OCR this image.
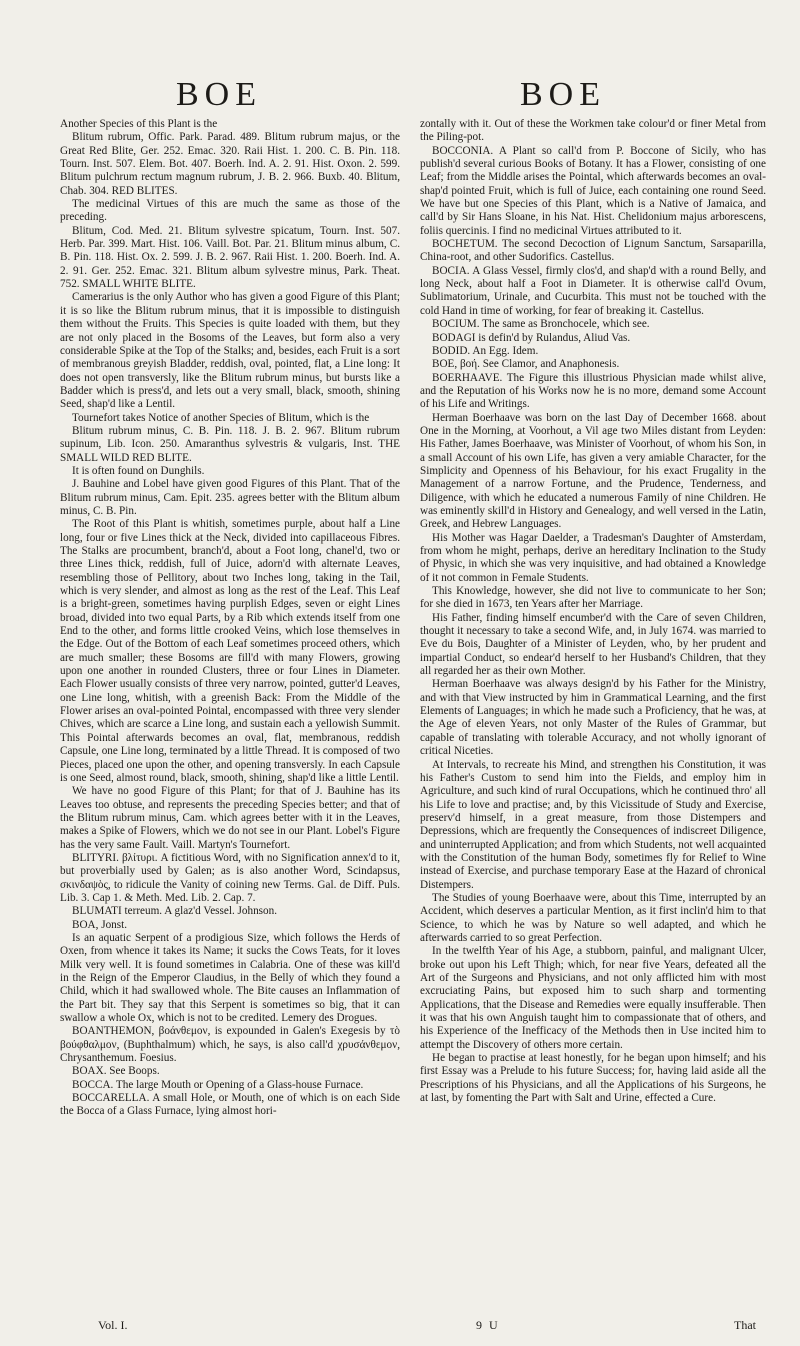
BOE	BOE

Another Species of this Plant is the

Blitum rubrum, Offic. Park. Parad. 489. Blitum rubrum majus, or the Great Red Blite, Ger. 252. Emac. 320. Raii Hist. 1. 200. C. B. Pin. 118. Tourn. Inst. 507. Elem. Bot. 407. Boerh. Ind. A. 2. 91. Hist. Oxon. 2. 599. Blitum pulchrum rectum magnum rubrum, J. B. 2. 966. Buxb. 40. Blitum, Chab. 304. RED BLITES.

The medicinal Virtues of this are much the same as those of the preceding.

Blitum, Cod. Med. 21. Blitum sylvestre spicatum, Tourn. Inst. 507. Herb. Par. 399. Mart. Hist. 106. Vaill. Bot. Par. 21. Blitum minus album, C. B. Pin. 118. Hist. Ox. 2. 599. J. B. 2. 967. Raii Hist. 1. 200. Boerh. Ind. A. 2. 91. Ger. 252. Emac. 321. Blitum album sylvestre minus, Park. Theat. 752. SMALL WHITE BLITE.

Camerarius is the only Author who has given a good Figure of this Plant; it is so like the Blitum rubrum minus, that it is impossible to distinguish them without the Fruits. This Species is quite loaded with them, but they are not only placed in the Bosoms of the Leaves, but form also a very considerable Spike at the Top of the Stalks; and, besides, each Fruit is a sort of membranous greyish Bladder, reddish, oval, pointed, flat, a Line long: It does not open transversly, like the Blitum rubrum minus, but bursts like a Badder which is press'd, and lets out a very small, black, smooth, shining Seed, shap'd like a Lentil.

Tournefort takes Notice of another Species of Blitum, which is the

Blitum rubrum minus, C. B. Pin. 118. J. B. 2. 967. Blitum rubrum supinum, Lib. Icon. 250. Amaranthus sylvestris & vulgaris, Inst. THE SMALL WILD RED BLITE.

It is often found on Dunghils.

J. Bauhine and Lobel have given good Figures of this Plant. That of the Blitum rubrum minus, Cam. Epit. 235. agrees better with the Blitum album minus, C. B. Pin.

The Root of this Plant is whitish, sometimes purple, about half a Line long, four or five Lines thick at the Neck, divided into capillaceous Fibres. The Stalks are procumbent, branch'd, about a Foot long, chanel'd, two or three Lines thick, reddish, full of Juice, adorn'd with alternate Leaves, resembling those of Pellitory, about two Inches long, taking in the Tail, which is very slender, and almost as long as the rest of the Leaf. This Leaf is a bright-green, sometimes having purplish Edges, seven or eight Lines broad, divided into two equal Parts, by a Rib which extends itself from one End to the other, and forms little crooked Veins, which lose themselves in the Edge. Out of the Bottom of each Leaf sometimes proceed others, which are much smaller; these Bosoms are fill'd with many Flowers, growing upon one another in rounded Clusters, three or four Lines in Diameter. Each Flower usually consists of three very narrow, pointed, gutter'd Leaves, one Line long, whitish, with a greenish Back: From the Middle of the Flower arises an oval-pointed Pointal, encompassed with three very slender Chives, which are scarce a Line long, and sustain each a yellowish Summit. This Pointal afterwards becomes an oval, flat, membranous, reddish Capsule, one Line long, terminated by a little Thread. It is composed of two Pieces, placed one upon the other, and opening transversly. In each Capsule is one Seed, almost round, black, smooth, shining, shap'd like a little Lentil.

We have no good Figure of this Plant; for that of J. Bauhine has its Leaves too obtuse, and represents the preceding Species better; and that of the Blitum rubrum minus, Cam. which agrees better with it in the Leaves, makes a Spike of Flowers, which we do not see in our Plant. Lobel's Figure has the very same Fault. Vaill. Martyn's Tournefort.

BLITYRI. βλίτυρι. A fictitious Word, with no Signification annex'd to it, but proverbially used by Galen; as is also another Word, Scindapsus, σκινδαψὸς, to ridicule the Vanity of coining new Terms. Gal. de Diff. Puls. Lib. 3. Cap 1. & Meth. Med. Lib. 2. Cap. 7.

BLUMATI terreum. A glaz'd Vessel. Johnson.

BOA, Jonst.

Is an aquatic Serpent of a prodigious Size, which follows the Herds of Oxen, from whence it takes its Name; it sucks the Cows Teats, for it loves Milk very well. It is found sometimes in Calabria. One of these was kill'd in the Reign of the Emperor Claudius, in the Belly of which they found a Child, which it had swallowed whole. The Bite causes an Inflammation of the Part bit. They say that this Serpent is sometimes so big, that it can swallow a whole Ox, which is not to be credited. Lemery des Drogues.

BOANTHEMON, βοάνθεμον, is expounded in Galen's Exegesis by τὸ βούφθαλμον, (Buphthalmum) which, he says, is also call'd χρυσάνθεμον, Chrysanthemum. Foesius.

BOAX. See Boops.

BOCCA. The large Mouth or Opening of a Glass-house Furnace.

BOCCARELLA. A small Hole, or Mouth, one of which is on each Side the Bocca of a Glass Furnace, lying almost hori-

zontally with it. Out of these the Workmen take colour'd or finer Metal from the Piling-pot.

BOCCONIA. A Plant so call'd from P. Boccone of Sicily, who has publish'd several curious Books of Botany. It has a Flower, consisting of one Leaf; from the Middle arises the Pointal, which afterwards becomes an oval-shap'd pointed Fruit, which is full of Juice, each containing one round Seed. We have but one Species of this Plant, which is a Native of Jamaica, and call'd by Sir Hans Sloane, in his Nat. Hist. Chelidonium majus arborescens, foliis quercinis. I find no medicinal Virtues attributed to it.

BOCHETUM. The second Decoction of Lignum Sanctum, Sarsaparilla, China-root, and other Sudorifics. Castellus.

BOCIA. A Glass Vessel, firmly clos'd, and shap'd with a round Belly, and long Neck, about half a Foot in Diameter. It is otherwise call'd Ovum, Sublimatorium, Urinale, and Cucurbita. This must not be touched with the cold Hand in time of working, for fear of breaking it. Castellus.

BOCIUM. The same as Bronchocele, which see.

BODAGI is defin'd by Rulandus, Aliud Vas.

BODID. An Egg. Idem.

BOE, βοή. See Clamor, and Anaphonesis.

BOERHAAVE. The Figure this illustrious Physician made whilst alive, and the Reputation of his Works now he is no more, demand some Account of his Life and Writings.

Herman Boerhaave was born on the last Day of December 1668. about One in the Morning, at Voorhout, a Vil age two Miles distant from Leyden: His Father, James Boerhaave, was Minister of Voorhout, of whom his Son, in a small Account of his own Life, has given a very amiable Character, for the Simplicity and Openness of his Behaviour, for his exact Frugality in the Management of a narrow Fortune, and the Prudence, Tenderness, and Diligence, with which he educated a numerous Family of nine Children. He was eminently skill'd in History and Genealogy, and well versed in the Latin, Greek, and Hebrew Languages.

His Mother was Hagar Daelder, a Tradesman's Daughter of Amsterdam, from whom he might, perhaps, derive an hereditary Inclination to the Study of Physic, in which she was very inquisitive, and had obtained a Knowledge of it not common in Female Students.

This Knowledge, however, she did not live to communicate to her Son; for she died in 1673, ten Years after her Marriage.

His Father, finding himself encumber'd with the Care of seven Children, thought it necessary to take a second Wife, and, in July 1674. was married to Eve du Bois, Daughter of a Minister of Leyden, who, by her prudent and impartial Conduct, so endear'd herself to her Husband's Children, that they all regarded her as their own Mother.

Herman Boerhaave was always design'd by his Father for the Ministry, and with that View instructed by him in Grammatical Learning, and the first Elements of Languages; in which he made such a Proficiency, that he was, at the Age of eleven Years, not only Master of the Rules of Grammar, but capable of translating with tolerable Accuracy, and not wholly ignorant of critical Niceties.

At Intervals, to recreate his Mind, and strengthen his Constitution, it was his Father's Custom to send him into the Fields, and employ him in Agriculture, and such kind of rural Occupations, which he continued thro' all his Life to love and practise; and, by this Vicissitude of Study and Exercise, preserv'd himself, in a great measure, from those Distempers and Depressions, which are frequently the Consequences of indiscreet Diligence, and uninterrupted Application; and from which Students, not well acquainted with the Constitution of the human Body, sometimes fly for Relief to Wine instead of Exercise, and purchase temporary Ease at the Hazard of chronical Distempers.

The Studies of young Boerhaave were, about this Time, interrupted by an Accident, which deserves a particular Mention, as it first inclin'd him to that Science, to which he was by Nature so well adapted, and which he afterwards carried to so great Perfection.

In the twelfth Year of his Age, a stubborn, painful, and malignant Ulcer, broke out upon his Left Thigh; which, for near five Years, defeated all the Art of the Surgeons and Physicians, and not only afflicted him with most excruciating Pains, but exposed him to such sharp and tormenting Applications, that the Disease and Remedies were equally insufferable. Then it was that his own Anguish taught him to compassionate that of others, and his Experience of the Inefficacy of the Methods then in Use incited him to attempt the Discovery of others more certain.

He began to practise at least honestly, for he began upon himself; and his first Essay was a Prelude to his future Success; for, having laid aside all the Prescriptions of his Physicians, and all the Applications of his Surgeons, he at last, by fomenting the Part with Salt and Urine, effected a Cure.

Vol. I.	9 U	That
